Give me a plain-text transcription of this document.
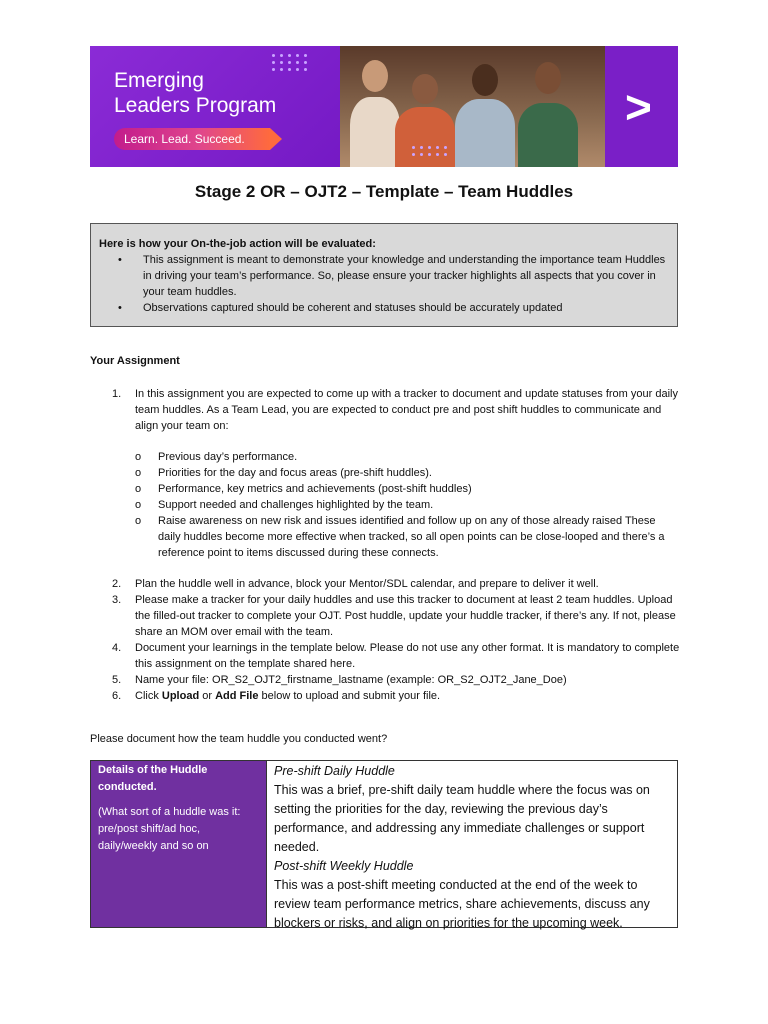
Emerging
Leaders Program
Learn. Lead. Succeed.
>
Stage 2 OR – OJT2 – Template – Team Huddles
Here is how your On-the-job action will be evaluated:
• This assignment is meant to demonstrate your knowledge and understanding the importance team Huddles in driving your team’s performance. So, please ensure your tracker highlights all aspects that you cover in your team huddles.
• Observations captured should be coherent and statuses should be accurately updated
Your Assignment
1. In this assignment you are expected to come up with a tracker to document and update statuses from your daily team huddles. As a Team Lead, you are expected to conduct pre and post shift huddles to communicate and align your team on:
o Previous day’s performance.
o Priorities for the day and focus areas (pre-shift huddles).
o Performance, key metrics and achievements (post-shift huddles)
o Support needed and challenges highlighted by the team.
o Raise awareness on new risk and issues identified and follow up on any of those already raised These daily huddles become more effective when tracked, so all open points can be close-looped and there’s a reference point to items discussed during these connects.
2. Plan the huddle well in advance, block your Mentor/SDL calendar, and prepare to deliver it well.
3. Please make a tracker for your daily huddles and use this tracker to document at least 2 team huddles. Upload the filled-out tracker to complete your OJT. Post huddle, update your huddle tracker, if there’s any. If not, please share an MOM over email with the team.
4. Document your learnings in the template below. Please do not use any other format. It is mandatory to complete this assignment on the template shared here.
5. Name your file: OR_S2_OJT2_firstname_lastname (example: OR_S2_OJT2_Jane_Doe)
6. Click Upload or Add File below to upload and submit your file.
Please document how the team huddle you conducted went?
Details of the Huddle conducted.
(What sort of a huddle was it: pre/post shift/ad hoc, daily/weekly and so on
Pre-shift Daily Huddle
This was a brief, pre-shift daily team huddle where the focus was on setting the priorities for the day, reviewing the previous day’s performance, and addressing any immediate challenges or support needed.
Post-shift Weekly Huddle
This was a post-shift meeting conducted at the end of the week to review team performance metrics, share achievements, discuss any blockers or risks, and align on priorities for the upcoming week.
